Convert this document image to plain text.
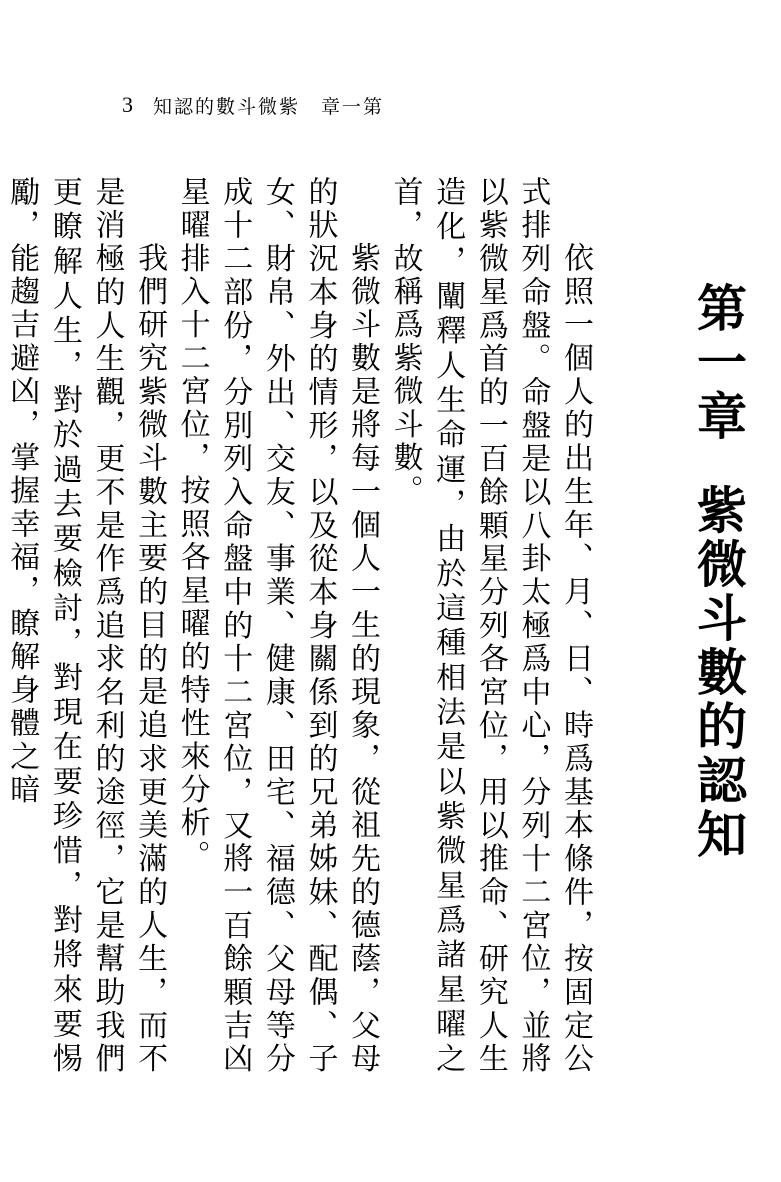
3 知認的數斗微紫　章一第
第一章紫微斗數的認知

依照一個人的出生年、月、日、時爲基本條件，按固定公式排列命盤。命盤是以八卦太極爲中心，分列十二宮位，並將以紫微星爲首的一百餘顆星分列各宮位，用以推命、研究人生造化，闡釋人生命運，由於這種相法是以紫微星爲諸星曜之首，故稱爲紫微斗數。

紫微斗數是將每一個人一生的現象，從祖先的德蔭，父母的狀況本身的情形，以及從本身關係到的兄弟姊妹、配偶、子女、財帛、外出、交友、事業、健康、田宅、福德、父母等分成十二部份，分別列入命盤中的十二宮位，又將一百餘顆吉凶星曜排入十二宮位，按照各星曜的特性來分析。

我們研究紫微斗數主要的目的是追求更美滿的人生，而不是消極的人生觀，更不是作爲追求名利的途徑，它是幫助我們更瞭解人生，對於過去要檢討，對現在要珍惜，對將來要惕勵，能趨吉避凶，掌握幸福，瞭解身體之暗
